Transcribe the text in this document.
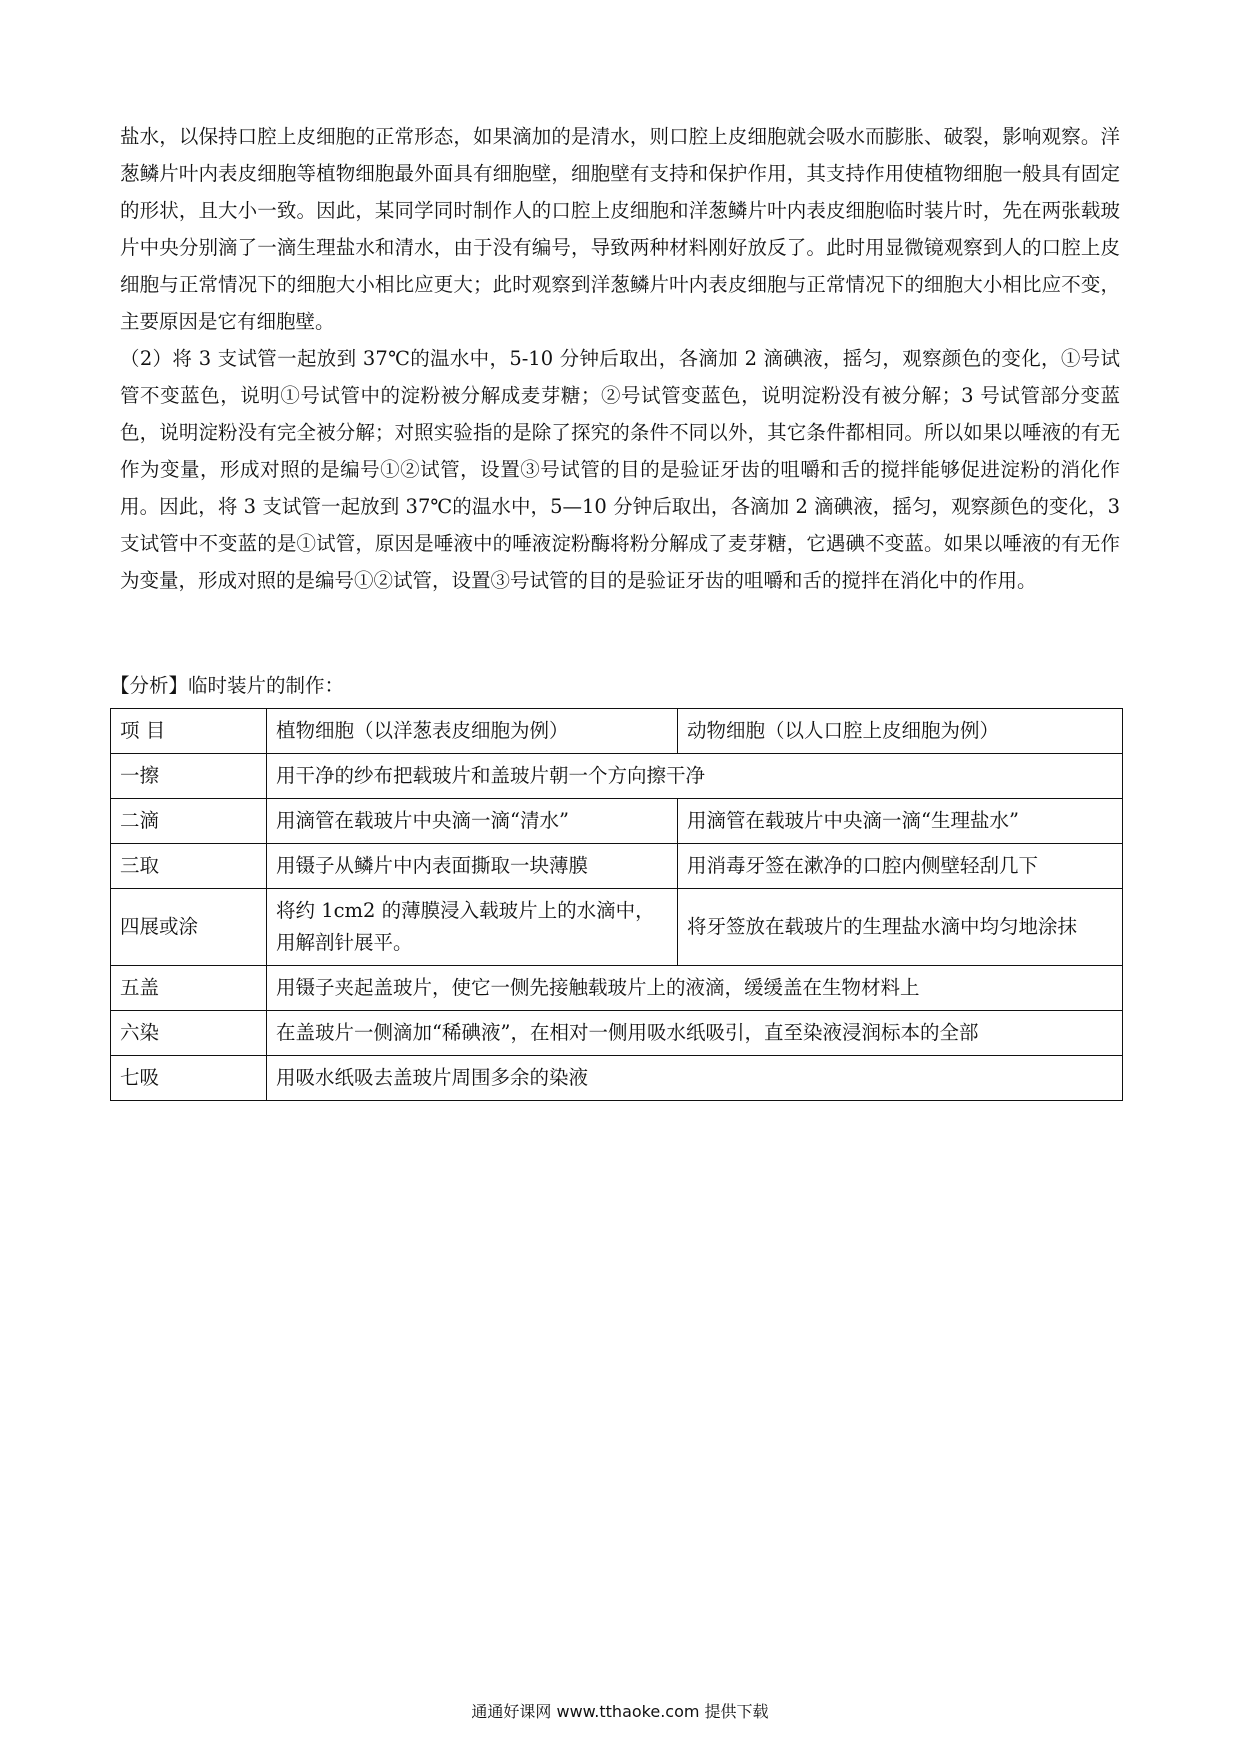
盐水，以保持口腔上皮细胞的正常形态，如果滴加的是清水，则口腔上皮细胞就会吸水而膨胀、破裂，影响观察。洋葱鳞片叶内表皮细胞等植物细胞最外面具有细胞壁，细胞壁有支持和保护作用，其支持作用使植物细胞一般具有固定的形状，且大小一致。因此，某同学同时制作人的口腔上皮细胞和洋葱鳞片叶内表皮细胞临时装片时，先在两张载玻片中央分别滴了一滴生理盐水和清水，由于没有编号，导致两种材料刚好放反了。此时用显微镜观察到人的口腔上皮细胞与正常情况下的细胞大小相比应更大；此时观察到洋葱鳞片叶内表皮细胞与正常情况下的细胞大小相比应不变，主要原因是它有细胞壁。

（2）将 3 支试管一起放到 37℃的温水中，5-10 分钟后取出，各滴加 2 滴碘液，摇匀，观察颜色的变化，①号试管不变蓝色，说明①号试管中的淀粉被分解成麦芽糖；②号试管变蓝色，说明淀粉没有被分解；3 号试管部分变蓝色，说明淀粉没有完全被分解；对照实验指的是除了探究的条件不同以外，其它条件都相同。所以如果以唾液的有无作为变量，形成对照的是编号①②试管，设置③号试管的目的是验证牙齿的咀嚼和舌的搅拌能够促进淀粉的消化作用。因此，将 3 支试管一起放到 37℃的温水中，5—10 分钟后取出，各滴加 2 滴碘液，摇匀，观察颜色的变化，3 支试管中不变蓝的是①试管，原因是唾液中的唾液淀粉酶将粉分解成了麦芽糖，它遇碘不变蓝。如果以唾液的有无作为变量，形成对照的是编号①②试管，设置③号试管的目的是验证牙齿的咀嚼和舌的搅拌在消化中的作用。

【分析】临时装片的制作：
项 目	植物细胞（以洋葱表皮细胞为例）	动物细胞（以人口腔上皮细胞为例）
一擦	用干净的纱布把载玻片和盖玻片朝一个方向擦干净	
二滴	用滴管在载玻片中央滴一滴“清水”	用滴管在载玻片中央滴一滴“生理盐水”
三取	用镊子从鳞片中内表面撕取一块薄膜	用消毒牙签在漱净的口腔内侧壁轻刮几下
四展或涂	将约 1cm2 的薄膜浸入载玻片上的水滴中，用解剖针展平。	将牙签放在载玻片的生理盐水滴中均匀地涂抹
五盖	用镊子夹起盖玻片，使它一侧先接触载玻片上的液滴，缓缓盖在生物材料上	
六染	在盖玻片一侧滴加“稀碘液”，在相对一侧用吸水纸吸引，直至染液浸润标本的全部	
七吸	用吸水纸吸去盖玻片周围多余的染液	
通通好课网 www.tthaoke.com 提供下载
